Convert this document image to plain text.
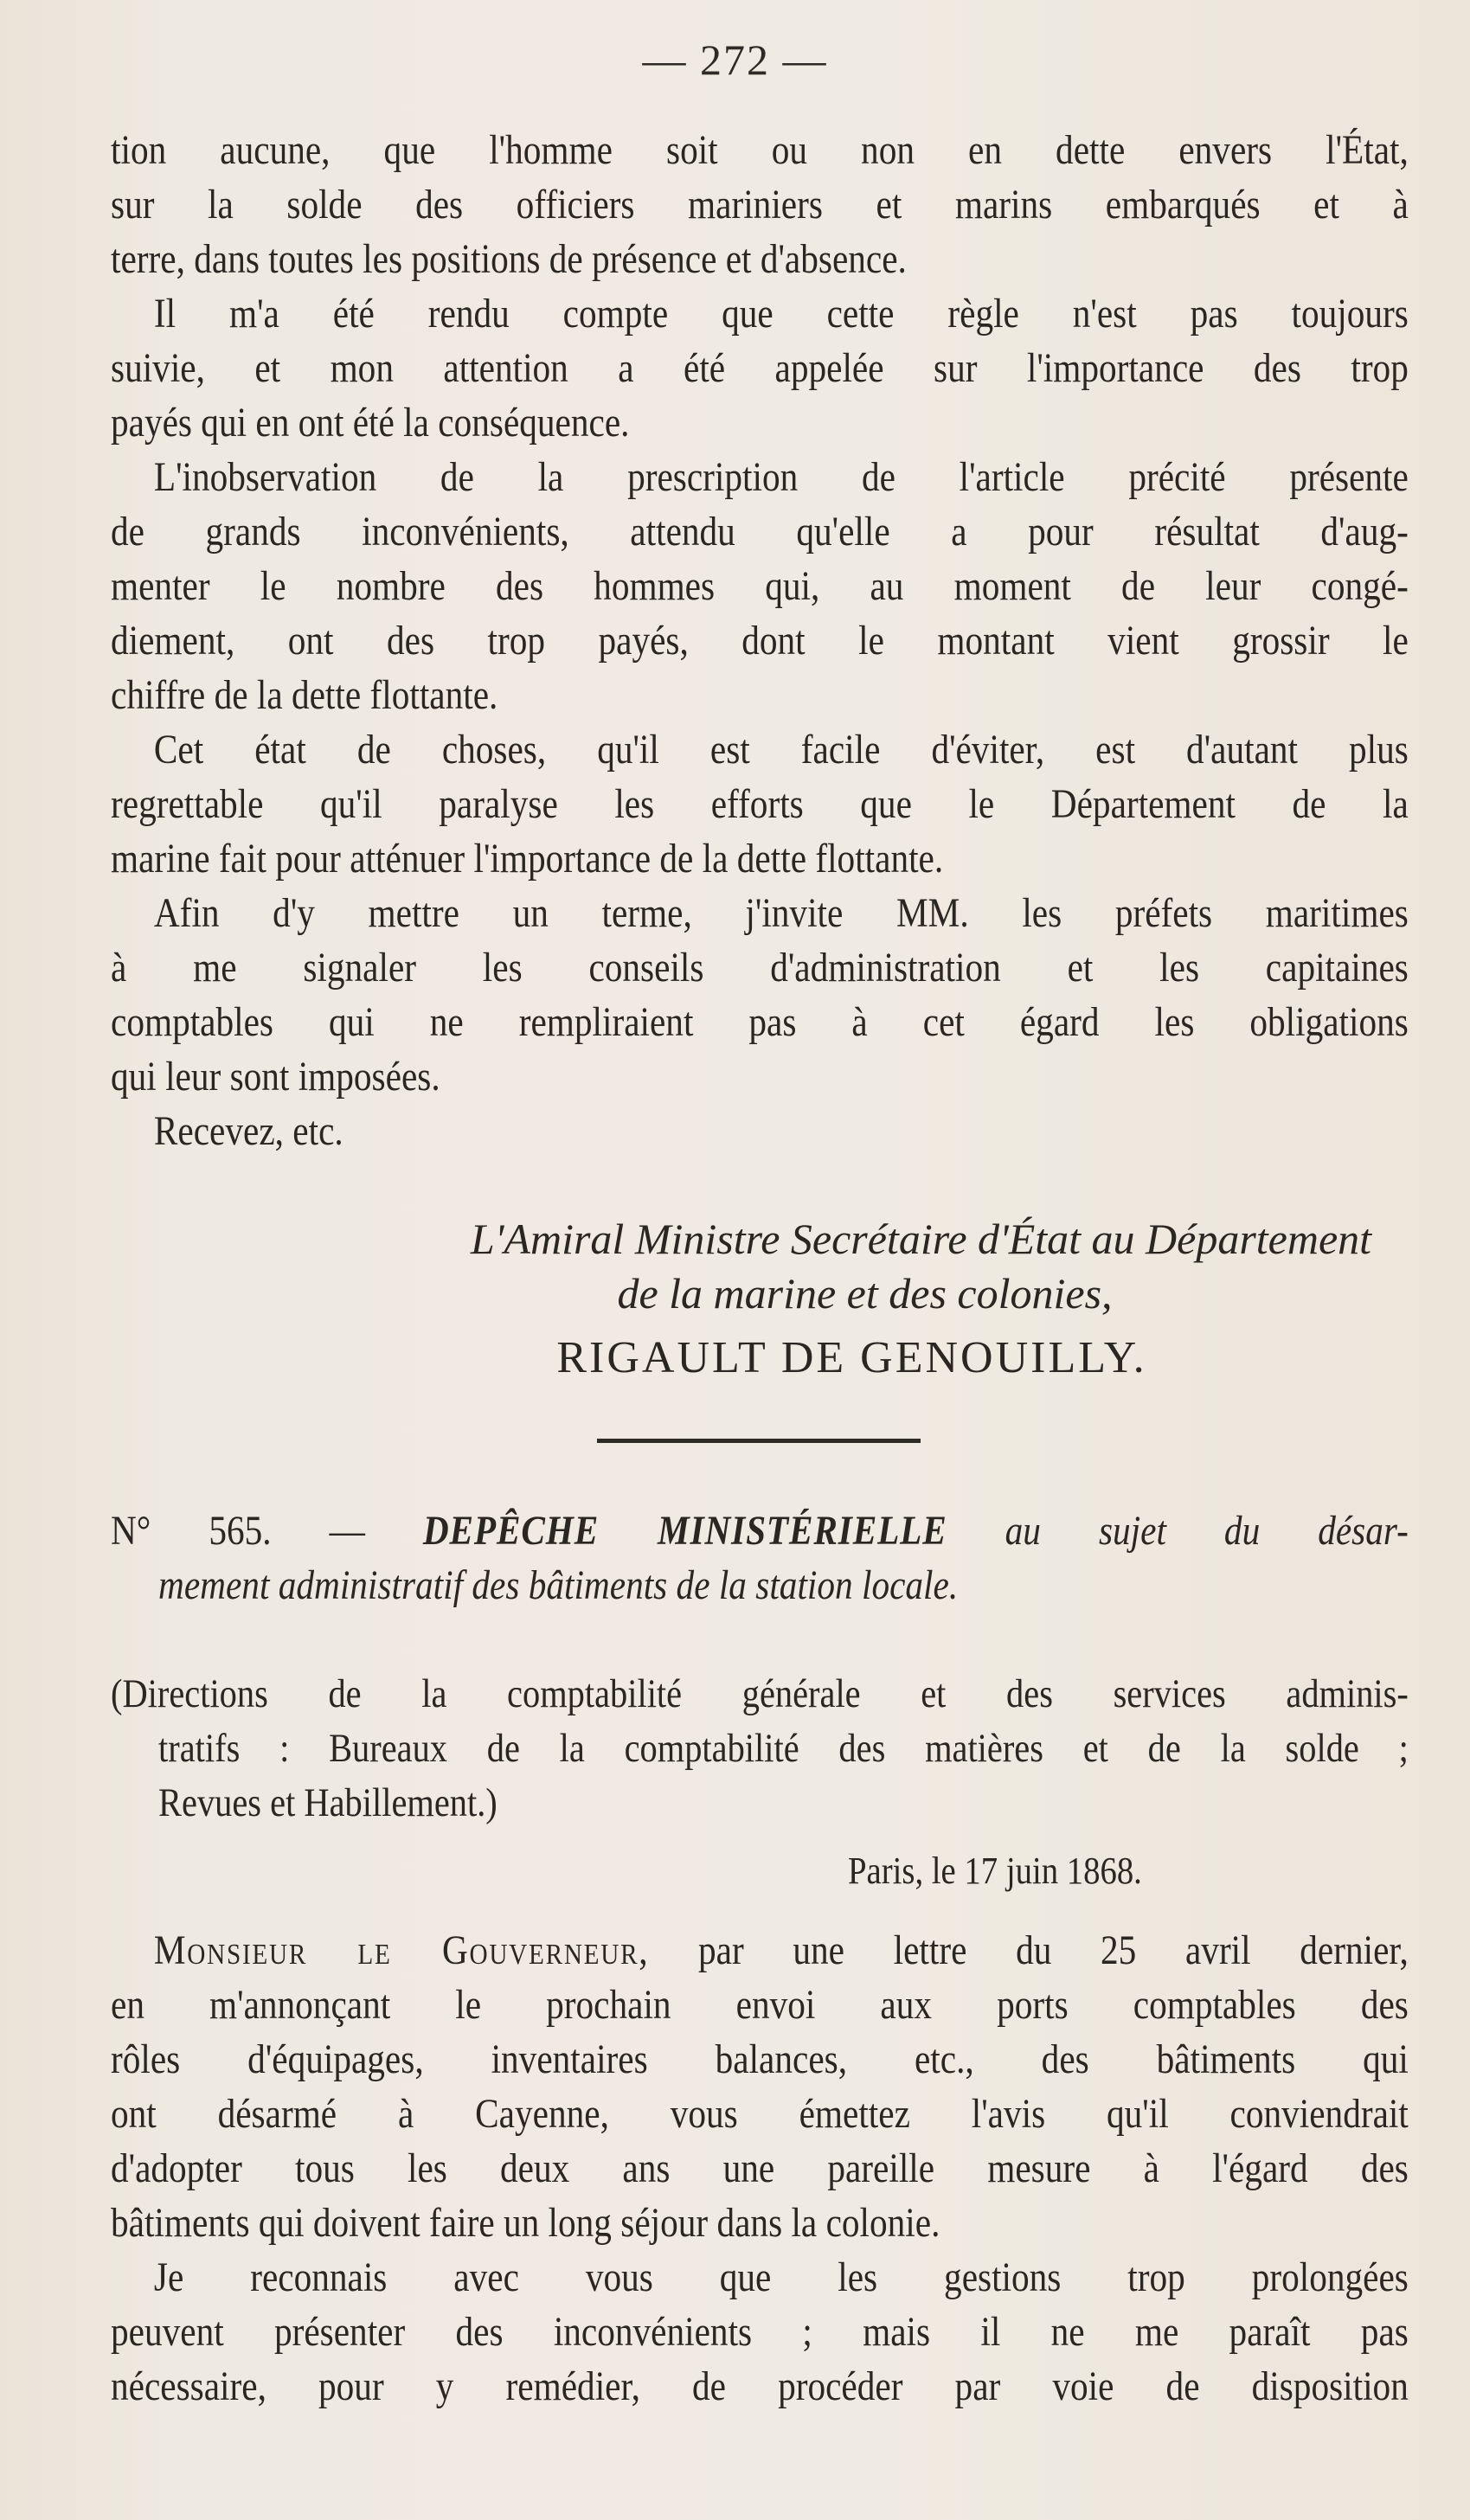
— 272 —
tion aucune, que l'homme soit ou non en dette envers l'État,
sur la solde des officiers mariniers et marins embarqués et à
terre, dans toutes les positions de présence et d'absence.
Il m'a été rendu compte que cette règle n'est pas toujours
suivie, et mon attention a été appelée sur l'importance des trop
payés qui en ont été la conséquence.
L'inobservation de la prescription de l'article précité présente
de grands inconvénients, attendu qu'elle a pour résultat d'aug-
menter le nombre des hommes qui, au moment de leur congé-
diement, ont des trop payés, dont le montant vient grossir le
chiffre de la dette flottante.
Cet état de choses, qu'il est facile d'éviter, est d'autant plus
regrettable qu'il paralyse les efforts que le Département de la
marine fait pour atténuer l'importance de la dette flottante.
Afin d'y mettre un terme, j'invite MM. les préfets maritimes
à me signaler les conseils d'administration et les capitaines
comptables qui ne rempliraient pas à cet égard les obligations
qui leur sont imposées.
Recevez, etc.
L'Amiral Ministre Secrétaire d'État au Département
de la marine et des colonies,
RIGAULT DE GENOUILLY.
N° 565. — DEPÊCHE MINISTÉRIELLE au sujet du désar-
mement administratif des bâtiments de la station locale.
(Directions de la comptabilité générale et des services adminis-
tratifs : Bureaux de la comptabilité des matières et de la solde ;
Revues et Habillement.)
Paris, le 17 juin 1868.
Monsieur le Gouverneur, par une lettre du 25 avril dernier,
en m'annonçant le prochain envoi aux ports comptables des
rôles d'équipages, inventaires balances, etc., des bâtiments qui
ont désarmé à Cayenne, vous émettez l'avis qu'il conviendrait
d'adopter tous les deux ans une pareille mesure à l'égard des
bâtiments qui doivent faire un long séjour dans la colonie.
Je reconnais avec vous que les gestions trop prolongées
peuvent présenter des inconvénients ; mais il ne me paraît pas
nécessaire, pour y remédier, de procéder par voie de disposition
